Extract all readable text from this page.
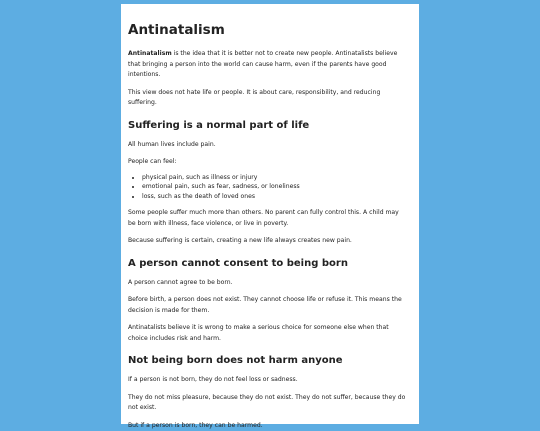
Antinatalism

Antinatalism is the idea that it is better not to create new people. Antinatalists believe that bringing a person into the world can cause harm, even if the parents have good intentions.

This view does not hate life or people. It is about care, responsibility, and reducing suffering.

Suffering is a normal part of life

All human lives include pain.

People can feel:

• physical pain, such as illness or injury
• emotional pain, such as fear, sadness, or loneliness
• loss, such as the death of loved ones

Some people suffer much more than others. No parent can fully control this. A child may be born with illness, face violence, or live in poverty.

Because suffering is certain, creating a new life always creates new pain.

A person cannot consent to being born

A person cannot agree to be born.

Before birth, a person does not exist. They cannot choose life or refuse it. This means the decision is made for them.

Antinatalists believe it is wrong to make a serious choice for someone else when that choice includes risk and harm.

Not being born does not harm anyone

If a person is not born, they do not feel loss or sadness.

They do not miss pleasure, because they do not exist. They do not suffer, because they do not exist.

But if a person is born, they can be harmed.
